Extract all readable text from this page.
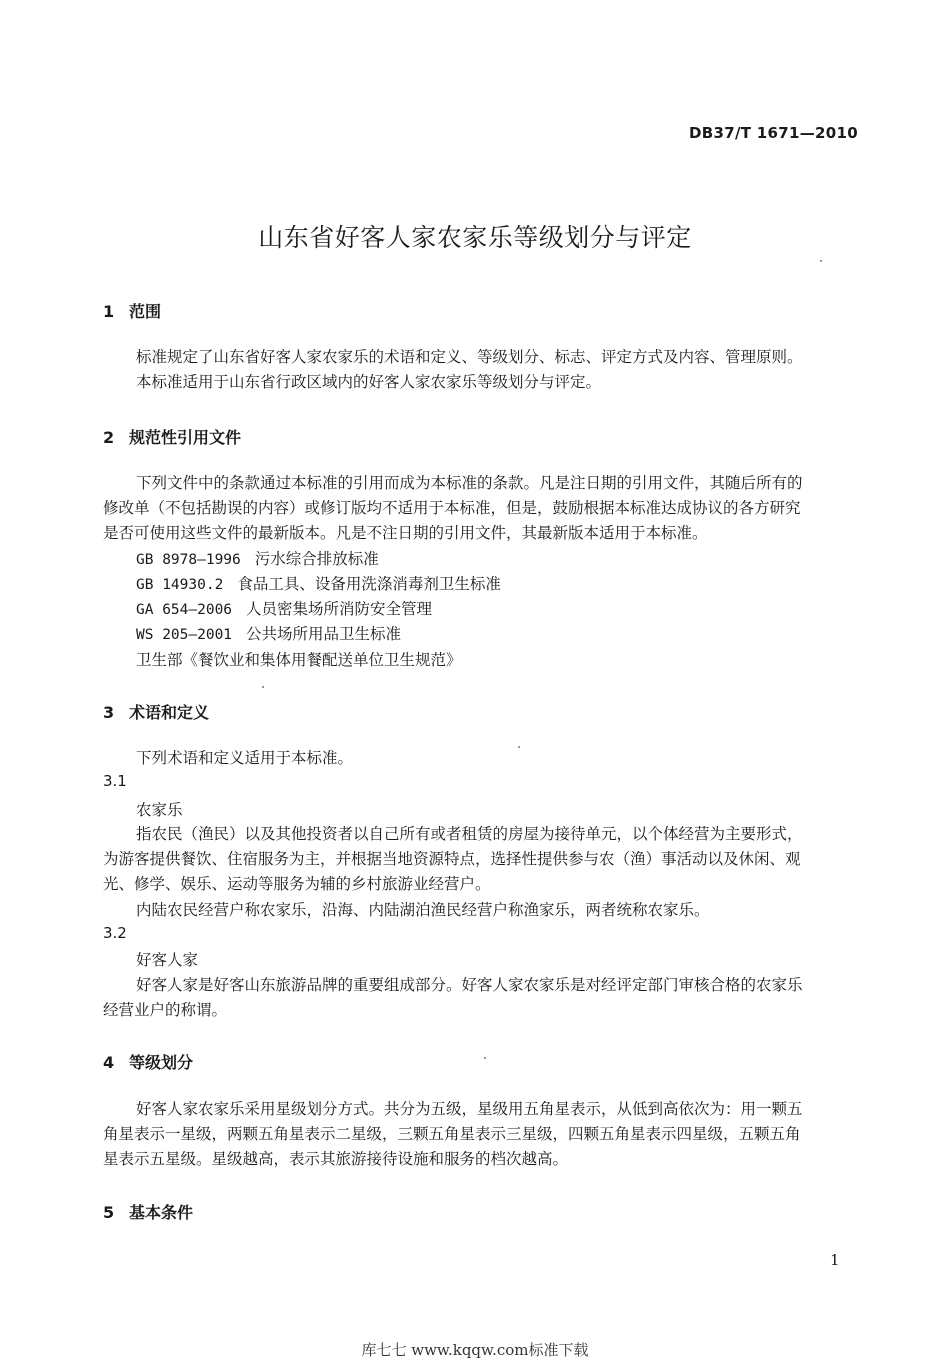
DB37/T 1671—2010
山东省好客人家农家乐等级划分与评定
1 范围
标准规定了山东省好客人家农家乐的术语和定义、等级划分、标志、评定方式及内容、管理原则。
本标准适用于山东省行政区域内的好客人家农家乐等级划分与评定。
2 规范性引用文件
下列文件中的条款通过本标准的引用而成为本标准的条款。凡是注日期的引用文件，其随后所有的
修改单（不包括勘误的内容）或修订版均不适用于本标准，但是，鼓励根据本标准达成协议的各方研究
是否可使用这些文件的最新版本。凡是不注日期的引用文件，其最新版本适用于本标准。
GB 8978—1996 污水综合排放标准
GB 14930.2 食品工具、设备用洗涤消毒剂卫生标准
GA 654—2006 人员密集场所消防安全管理
WS 205—2001 公共场所用品卫生标准
卫生部《餐饮业和集体用餐配送单位卫生规范》
3 术语和定义
下列术语和定义适用于本标准。
3.1
农家乐
指农民（渔民）以及其他投资者以自己所有或者租赁的房屋为接待单元，以个体经营为主要形式，
为游客提供餐饮、住宿服务为主，并根据当地资源特点，选择性提供参与农（渔）事活动以及休闲、观
光、修学、娱乐、运动等服务为辅的乡村旅游业经营户。
内陆农民经营户称农家乐，沿海、内陆湖泊渔民经营户称渔家乐，两者统称农家乐。
3.2
好客人家
好客人家是好客山东旅游品牌的重要组成部分。好客人家农家乐是对经评定部门审核合格的农家乐
经营业户的称谓。
4 等级划分
好客人家农家乐采用星级划分方式。共分为五级，星级用五角星表示，从低到高依次为：用一颗五
角星表示一星级，两颗五角星表示二星级，三颗五角星表示三星级，四颗五角星表示四星级，五颗五角
星表示五星级。星级越高，表示其旅游接待设施和服务的档次越高。
5 基本条件
1
库七七 www.kqqw.com标准下载
